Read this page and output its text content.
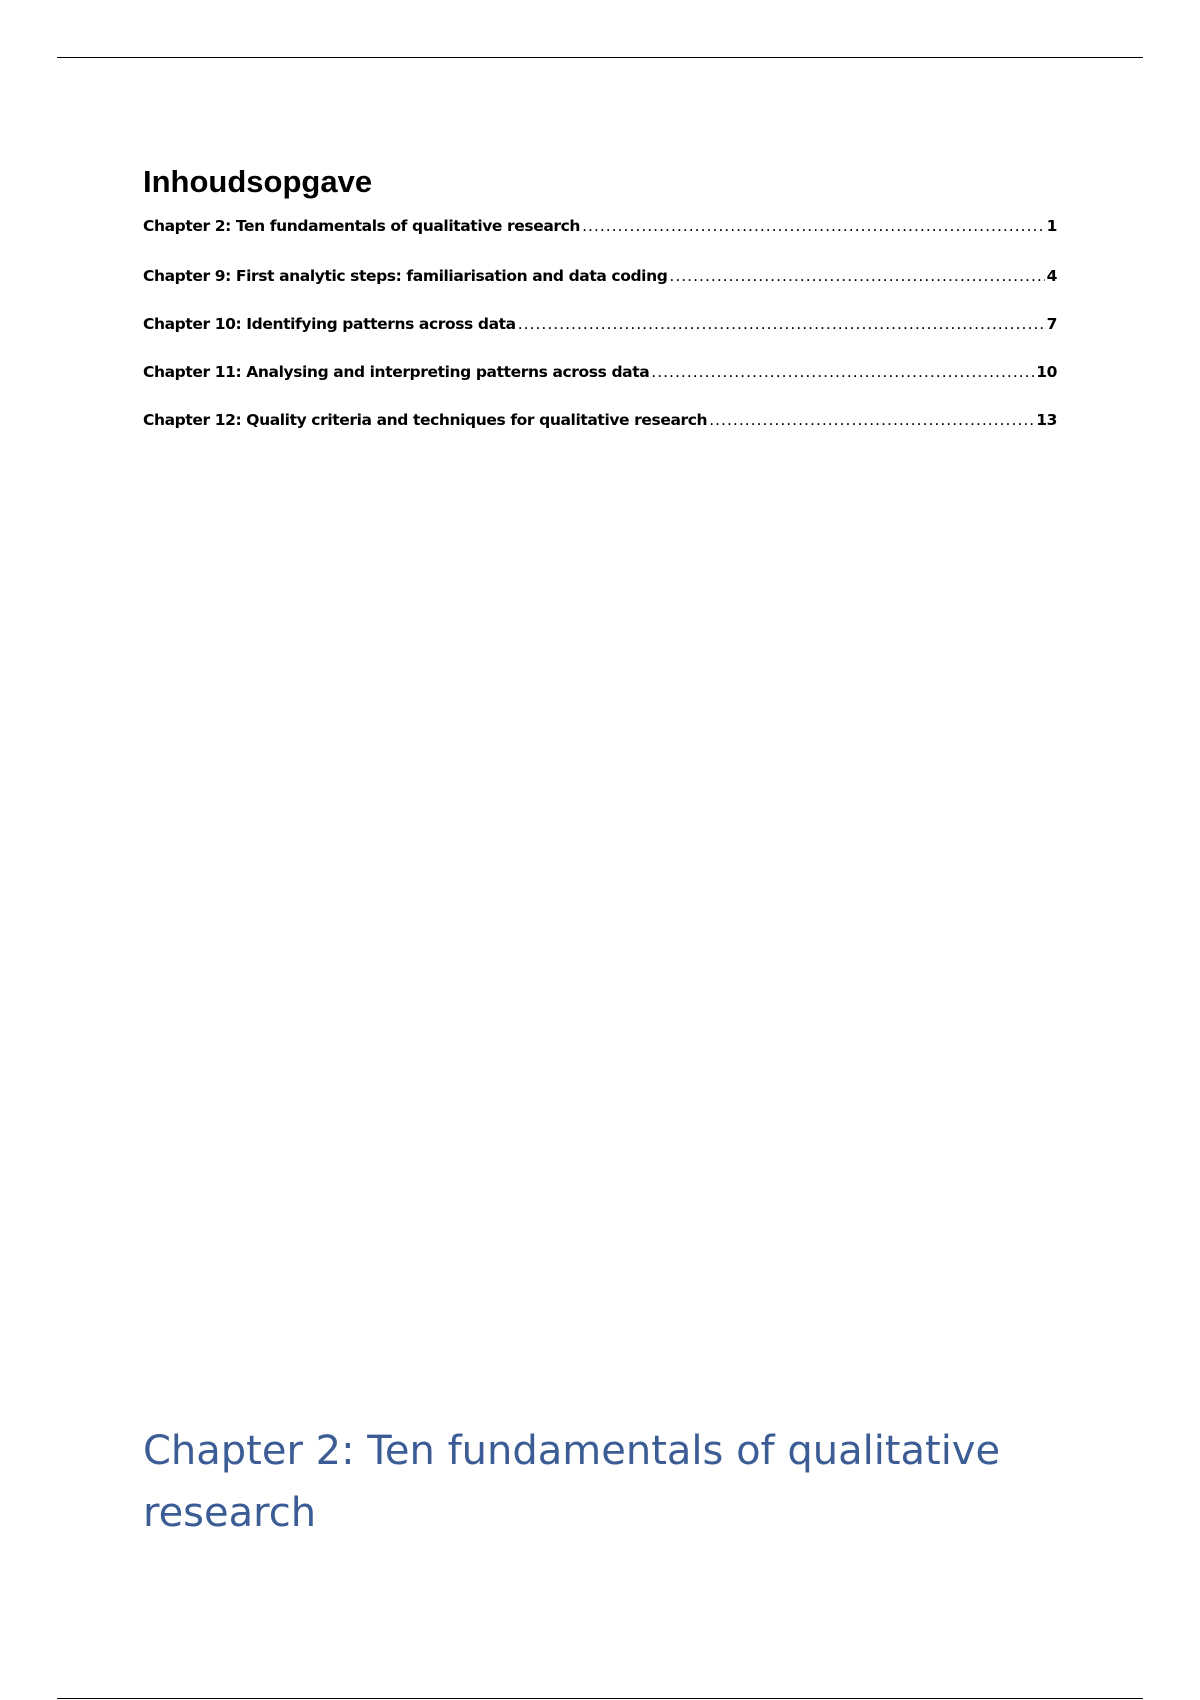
Inhoudsopgave
Chapter 2: Ten fundamentals of qualitative research .....	1
Chapter 9: First analytic steps: familiarisation and data coding .....	4
Chapter 10: Identifying patterns across data .....	7
Chapter 11: Analysing and interpreting patterns across data .....	10
Chapter 12: Quality criteria and techniques for qualitative research .....	13
Chapter 2: Ten fundamentals of qualitative research
